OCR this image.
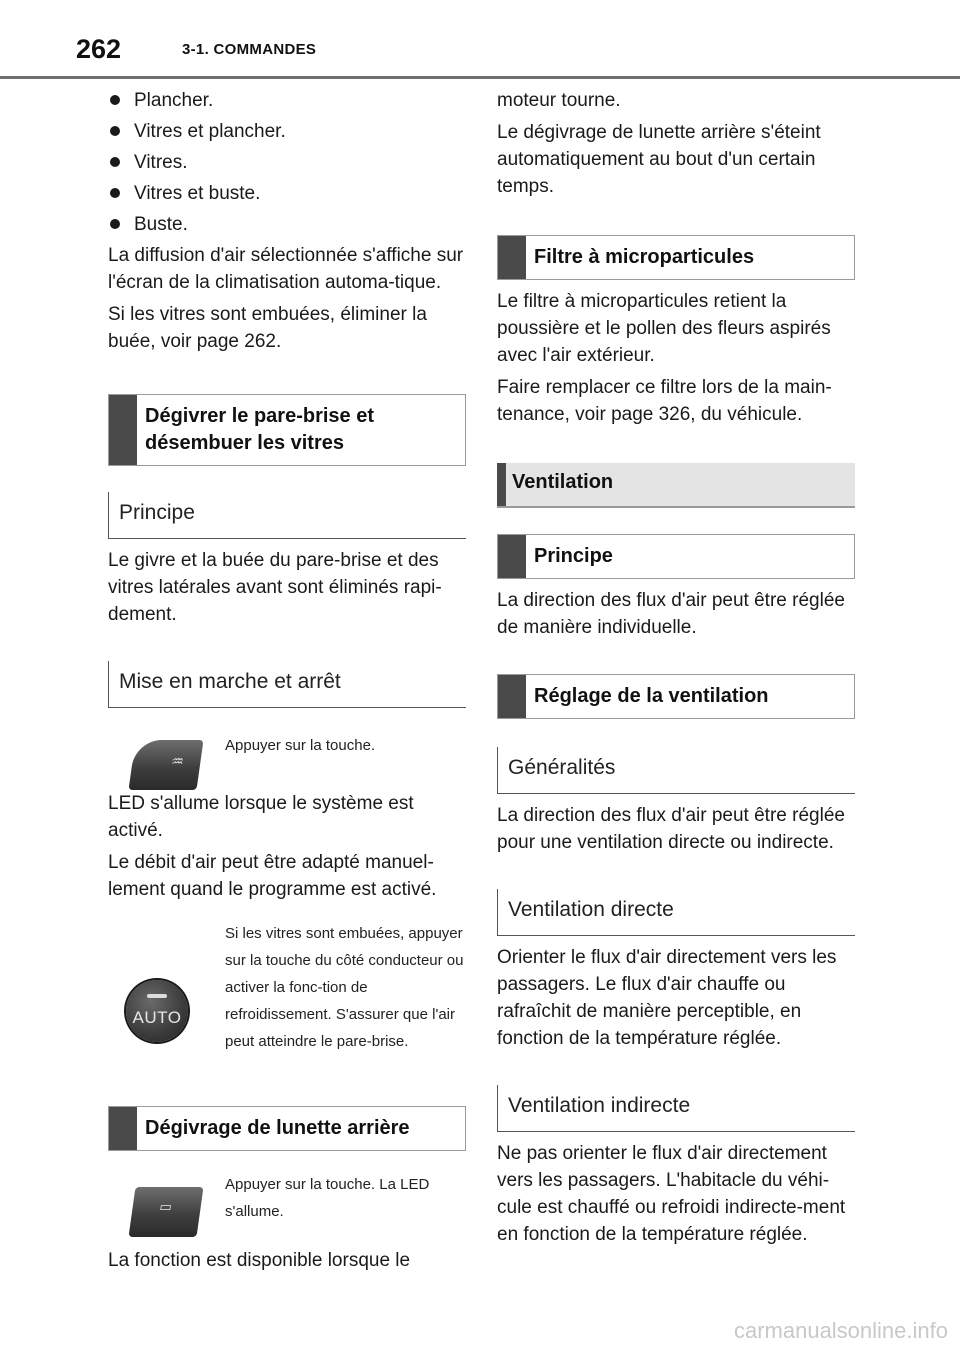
262	3-1. COMMANDES
Plancher.
Vitres et plancher.
Vitres.
Vitres et buste.
Buste.

La diffusion d'air sélectionnée s'affiche sur l'écran de la climatisation automa-tique.

Si les vitres sont embuées, éliminer la buée, voir page 262.

Dégivrer le pare-brise et désembuer les vitres
Principe

Le givre et la buée du pare-brise et des vitres latérales avant sont éliminés rapi-dement.

Mise en marche et arrêt
♒
Appuyer sur la touche.

LED s'allume lorsque le système est activé.

Le débit d'air peut être adapté manuel-lement quand le programme est activé.

AUTO
Si les vitres sont embuées, appuyer sur la touche du côté conducteur ou activer la fonc-tion de refroidissement. S'assurer que l'air peut atteindre le pare-brise.
Dégivrage de lunette arrière
▭
Appuyer sur la touche. La LED s'allume.

La fonction est disponible lorsque le

moteur tourne.

Le dégivrage de lunette arrière s'éteint automatiquement au bout d'un certain temps.

Filtre à microparticules

Le filtre à microparticules retient la poussière et le pollen des fleurs aspirés avec l'air extérieur.

Faire remplacer ce filtre lors de la main-tenance, voir page 326, du véhicule.

Ventilation
Principe

La direction des flux d'air peut être réglée de manière individuelle.

Réglage de la ventilation
Généralités

La direction des flux d'air peut être réglée pour une ventilation directe ou indirecte.

Ventilation directe

Orienter le flux d'air directement vers les passagers. Le flux d'air chauffe ou rafraîchit de manière perceptible, en fonction de la température réglée.

Ventilation indirecte

Ne pas orienter le flux d'air directement vers les passagers. L'habitacle du véhi-cule est chauffé ou refroidi indirecte-ment en fonction de la température réglée.

carmanualsonline.info
